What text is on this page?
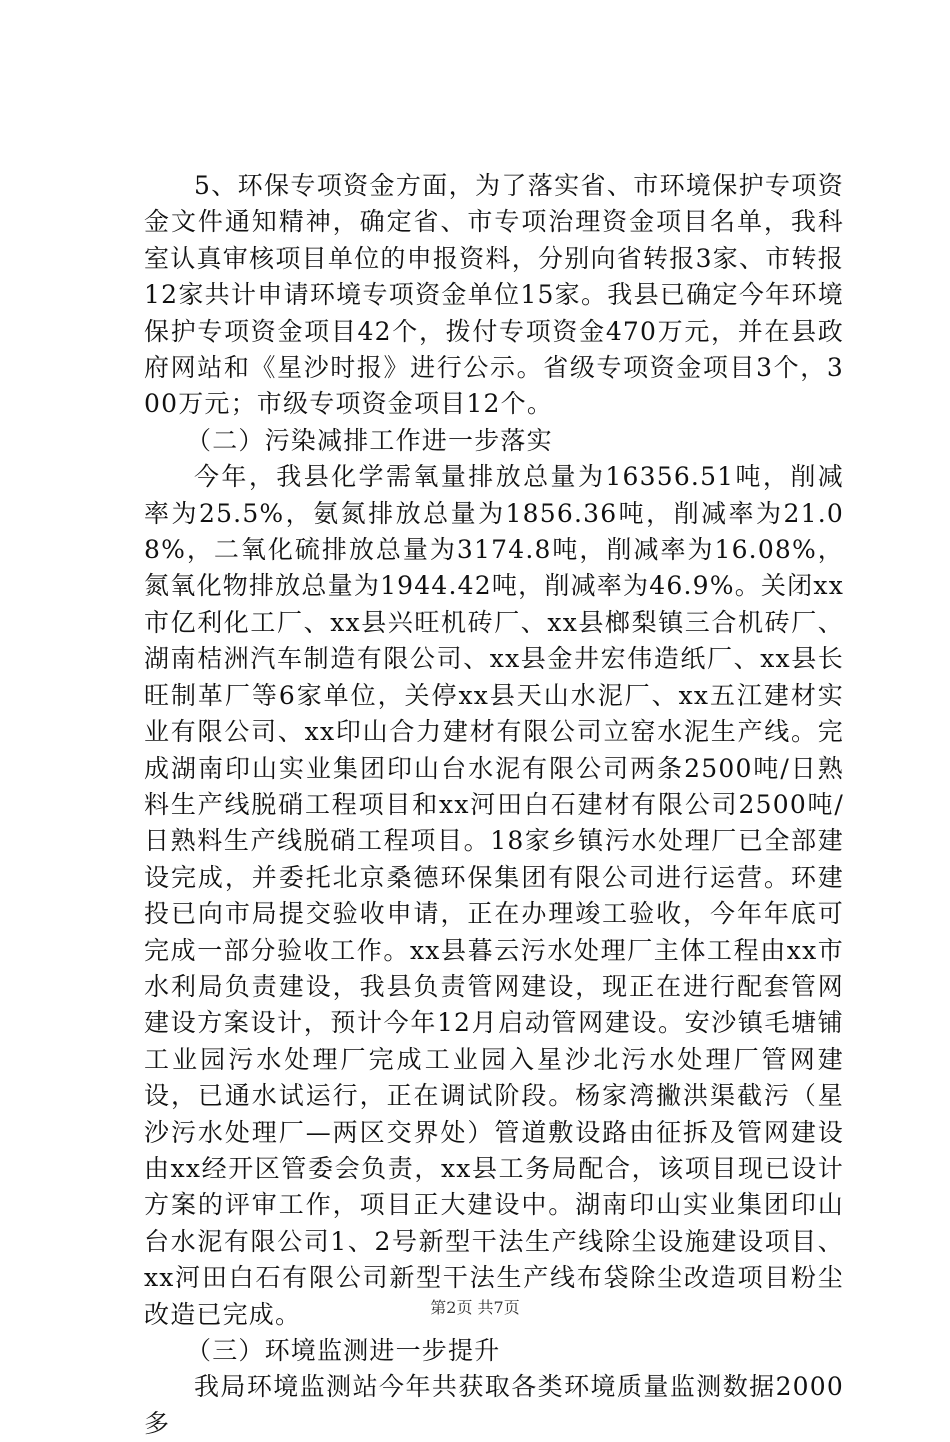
5、环保专项资金方面，为了落实省、市环境保护专项资金文件通知精神，确定省、市专项治理资金项目名单，我科室认真审核项目单位的申报资料，分别向省转报3家、市转报12家共计申请环境专项资金单位15家。我县已确定今年环境保护专项资金项目42个，拨付专项资金470万元，并在县政府网站和《星沙时报》进行公示。省级专项资金项目3个，300万元；市级专项资金项目12个。

（二）污染减排工作进一步落实

今年，我县化学需氧量排放总量为16356.51吨，削减率为25.5%，氨氮排放总量为1856.36吨，削减率为21.08%，二氧化硫排放总量为3174.8吨，削减率为16.08%，氮氧化物排放总量为1944.42吨，削减率为46.9%。关闭xx市亿利化工厂、xx县兴旺机砖厂、xx县榔梨镇三合机砖厂、湖南桔洲汽车制造有限公司、xx县金井宏伟造纸厂、xx县长旺制革厂等6家单位，关停xx县天山水泥厂、xx五江建材实业有限公司、xx印山合力建材有限公司立窑水泥生产线。完成湖南印山实业集团印山台水泥有限公司两条2500吨/日熟料生产线脱硝工程项目和xx河田白石建材有限公司2500吨/日熟料生产线脱硝工程项目。18家乡镇污水处理厂已全部建设完成，并委托北京桑德环保集团有限公司进行运营。环建投已向市局提交验收申请，正在办理竣工验收，今年年底可完成一部分验收工作。xx县暮云污水处理厂主体工程由xx市水利局负责建设，我县负责管网建设，现正在进行配套管网建设方案设计，预计今年12月启动管网建设。安沙镇毛塘铺工业园污水处理厂完成工业园入星沙北污水处理厂管网建设，已通水试运行，正在调试阶段。杨家湾撇洪渠截污（星沙污水处理厂—两区交界处）管道敷设路由征拆及管网建设由xx经开区管委会负责，xx县工务局配合，该项目现已设计方案的评审工作，项目正大建设中。湖南印山实业集团印山台水泥有限公司1、2号新型干法生产线除尘设施建设项目、xx河田白石有限公司新型干法生产线布袋除尘改造项目粉尘改造已完成。

（三）环境监测进一步提升

我局环境监测站今年共获取各类环境质量监测数据2000多

第2页 共7页
